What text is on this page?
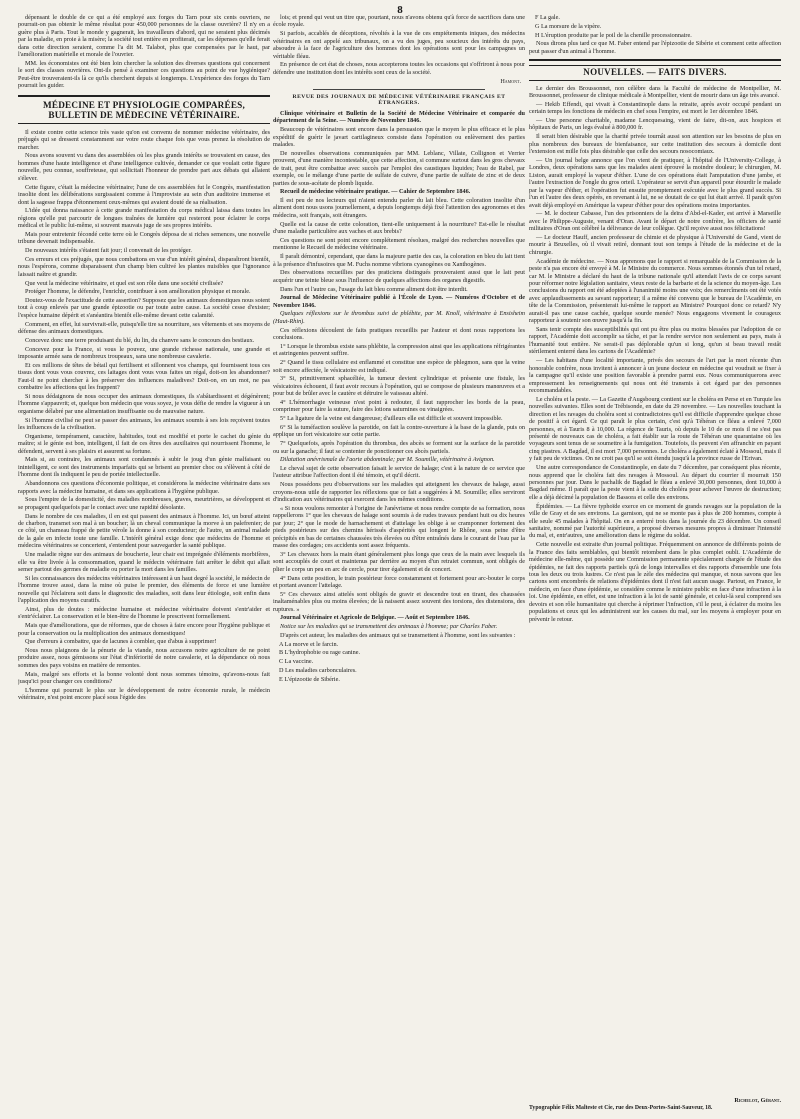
8

dépensant le double de ce qui a été employé aux forges du Tarn pour six cents ouvriers, ne pourrait-on pas obtenir le même résultat pour 450,000 personnes de la classe ouvrière? Il n'y en a guère plus à Paris. Tout le monde y gagnerait, les travailleurs d'abord, qui ne seraient plus décimés par la maladie, en proie à la misère; la société tout entière en profiterait, car les dépenses qu'elle ferait dans cette direction seraient, comme l'a dit M. Talabot, plus que compensées par le haut, par l'amélioration matérielle et morale de l'ouvrier.

MM. les économistes ont été bien loin chercher la solution des diverses questions qui concernent le sort des classes ouvrières. Ont-ils pensé à examiner ces questions au point de vue hygiénique? Peut-être trouveraient-ils là ce qu'ils cherchent depuis si longtemps. L'expérience des forges du Tarn pourrait les guider.

MÉDECINE ET PHYSIOLOGIE COMPARÉES, BULLETIN DE MÉDECINE VÉTÉRINAIRE.

Il existe contre cette science très vaste qu'on est convenu de nommer médecine vétérinaire, des préjugés qui se dressent constamment sur votre route chaque fois que vous prenez la résolution de marcher.

Nous avons souvent vu dans des assemblées où les plus grands intérêts se trouvaient en cause, des hommes d'une haute intelligence et d'une intelligence cultivée, demander ce que voulait cette figure nouvelle, peu connue, souffreteuse, qui sollicitait l'honneur de prendre part aux débats qui allaient s'élever.

Cette figure, c'était la médecine vétérinaire; l'une de ces assemblées fut le Congrès, manifestation insolite dont les délibérations surgissaient comme à l'improviste au sein d'un auditoire immense et dont la sagesse frappa d'étonnement ceux-mêmes qui avaient douté de sa réalisation.

L'idée qui donna naissance à cette grande manifestation du corps médical laissa dans toutes les régions qu'elle put parcourir de longues traînées de lumière qui resteront pour éclairer le corps médical et le public lui-même, si souvent mauvais juge de ses propres intérêts.

Mais pour entretenir fécondé cette terre où le Congrès déposa de si riches semences, une nouvelle tribune devenait indispensable.

De nouveaux intérêts s'étaient fait jour; il convenait de les protéger.

Ces erreurs et ces préjugés, que nous combattons en vue d'un intérêt général, disparaîtront bientôt, nous l'espérons, comme disparaissent d'un champ bien cultivé les plantes nuisibles que l'ignorance laissait naître et grandir.

Que veut la médecine vétérinaire, et quel est son rôle dans une société civilisée?

Protéger l'homme, le défendre, l'enrichir, contribuer à son amélioration physique et morale.

Doutez-vous de l'exactitude de cette assertion? Supposez que les animaux domestiques nous soient tout à coup enlevés par une grande épizootie ou par toute autre cause. La société cesse d'exister; l'espèce humaine dépérit et s'anéantira bientôt elle-même devant cette calamité.

Comment, en effet, lui survivrait-elle, puisqu'elle tire sa nourriture, ses vêtements et ses moyens de défense des animaux domestiques.

Concevez donc une terre produisant du blé, du lin, du chanvre sans le concours des bestiaux.

Concevez pour la France, si vous le pouvez, une grande richesse nationale, une grande et imposante armée sans de nombreux troupeaux, sans une nombreuse cavalerie.

Et ces millions de têtes de bétail qui fertilisent et sillonnent vos champs, qui fournissent tous ces tissus dont vous vous couvrez, ces laitages dont vous vous faites un régal, doit-on les abandonner? Faut-il ne point chercher à les préserver des influences maladives? Doit-on, en un mot, ne pas combattre les affections qui les frappent?

Si nous dédaignons de nous occuper des animaux domestiques, ils s'abâtardissent et dégénèrent; l'homme s'appauvrit; et, quelque bon médecin que vous soyez, je vous défie de rendre la vigueur à un organisme délabré par une alimentation insuffisante ou de mauvaise nature.

Si l'homme civilisé ne peut se passer des animaux, les animaux soumis à ses lois reçoivent toutes les influences de la civilisation.

Organisme, tempérament, caractère, habitudes, tout est modifié et porte le cachet du génie du maître; si le génie est bon, intelligent, il fait de ces êtres des auxiliaires qui nourrissent l'homme, le défendent, servent à ses plaisirs et assurent sa fortune.

Mais si, au contraire, les animaux sont condamnés à subir le joug d'un génie malfaisant ou inintelligent, ce sont des instruments imparfaits qui se brisent au premier choc ou s'élèvent à côté de l'homme dont ils indiquent le peu de portée intellectuelle.

Abandonnons ces questions d'économie politique, et considérons la médecine vétérinaire dans ses rapports avec la médecine humaine, et dans ses applications à l'hygiène publique.

Sous l'empire de la domesticité, des maladies nombreuses, graves, meurtrières, se développent et se propagent quelquefois par le contact avec une rapidité désolante.

Dans le nombre de ces maladies, il en est qui passent des animaux à l'homme. Ici, un bœuf atteint de charbon, transmet son mal à un boucher; là un cheval communique la morve à un palefrenier; de ce côté, un chameau frappé de petite vérole la donne à son conducteur; de l'autre, un animal malade de la gale en infecte toute une famille. L'intérêt général exige donc que médecins de l'homme et médecins vétérinaires se concertent, s'entendent pour sauvegarder la santé publique.

Une maladie règne sur des animaux de boucherie, leur chair est imprégnée d'éléments morbifères, elle va être livrée à la consommation, quand le médecin vétérinaire fait arrêter le débit qui allait semer partout des germes de maladie ou porter la mort dans les familles.

Si les connaissances des médecins vétérinaires intéressent à un haut degré la société, le médecin de l'homme trouve aussi, dans la mine où puise le premier, des éléments de force et une lumière nouvelle qui l'éclairera soit dans le diagnostic des maladies, soit dans leur étiologie, soit enfin dans l'application des moyens curatifs.

Ainsi, plus de doutes : médecine humaine et médecine vétérinaire doivent s'entr'aider et s'entr'éclairer. La conservation et le bien-être de l'homme le prescrivent formellement.

Mais que d'améliorations, que de réformes, que de choses à faire encore pour l'hygiène publique et pour la conservation ou la multiplication des animaux domestiques!

Que d'erreurs à combattre, que de lacunes à combler, que d'abus à supprimer!

Nous nous plaignons de la pénurie de la viande, nous accusons notre agriculture de ne point produire assez, nous gémissons sur l'état d'infériorité de notre cavalerie, et la dépendance où nous sommes des pays voisins en matière de remontes.

Mais, malgré ses efforts et la bonne volonté dont nous sommes témoins, qu'avons-nous fait jusqu'ici pour changer ces conditions?

L'homme qui pourrait le plus sur le développement de notre économie rurale, le médecin vétérinaire, n'est point encore placé sous l'égide des

lois; et prend qui veut un titre que, pourtant, nous n'avons obtenu qu'à force de sacrifices dans une école royale.

Si parfois, accablés de déceptions, révoltés à la vue de ces empiétements iniques, des médecins vétérinaires en ont appelé aux tribunaux, on a vu des juges, peu soucieux des intérêts du pays, absoudre à la face de l'agriculture des hommes dont les opérations sont pour les campagnes un véritable fléau.

En présence de cet état de choses, nous accepterons toutes les occasions qui s'offriront à nous pour défendre une institution dont les intérêts sont ceux de la société.

Hamont.
REVUE DES JOURNAUX DE MÉDECINE VÉTÉRINAIRE FRANÇAIS ET ÉTRANGERS.

Clinique vétérinaire et Bulletin de la Société de Médecine Vétérinaire et comparée du département de la Seine. — Numéro de Novembre 1846.

Beaucoup de vétérinaires sont encore dans la persuasion que le moyen le plus efficace et le plus expéditif de guérir le javart cartilagineux consiste dans l'opération ou enlèvement des parties malades.

De nouvelles observations communiquées par MM. Leblanc, Villate, Collignon et Verrier prouvent, d'une manière incontestable, que cette affection, si commune surtout dans les gros chevaux de trait, peut être combattue avec succès par l'emploi des caustiques liquides; l'eau de Rabel, par exemple, ou le mélange d'une partie de sulfate de cuivre, d'une partie de sulfate de zinc et de deux parties de sous-acétate de plomb liquide.

Recueil de médecine vétérinaire pratique. — Cahier de Septembre 1846.

Il est peu de nos lecteurs qui n'aient entendu parler du lait bleu. Cette coloration insolite d'un aliment dont nous usons journellement, a depuis longtemps déjà fixé l'attention des agronomes et des médecins, soit français, soit étrangers.

Quelle est la cause de cette coloration, tient-elle uniquement à la nourriture? Est-elle le résultat d'une maladie particulière aux vaches et aux brebis?

Ces questions ne sont point encore complétement résolues, malgré des recherches nouvelles que mentionne le Recueil de médecine vétérinaire.

Il paraît démontré, cependant, que dans la majeure partie des cas, la coloration en bleu du lait tient à la présence d'infusoires que M. Fuchs nomme vibrions cyanogènes ou Xanthogènes.

Des observations recueillies par des praticiens distingués prouveraient aussi que le lait peut acquérir une teinte bleue sous l'influence de quelques affections des organes digestifs.

Dans l'un et l'autre cas, l'usage du lait bleu comme aliment doit être interdit.

Journal de Médecine Vétérinaire publié à l'École de Lyon. — Numéros d'Octobre et de Novembre 1846.

Quelques réflexions sur le thrombus suivi de phlébite, par M. Knoll, vétérinaire à Ensisheim (Haut-Rhin).

Ces réflexions découlent de faits pratiques recueillis par l'auteur et dont nous rapportons les conclusions.

1° Lorsque le thrombus existe sans phlébite, la compression ainsi que les applications réfrigérantes et astringentes peuvent suffire.

2° Quand le tissu cellulaire est enflammé et constitue une espèce de phlegmon, sans que la veine soit encore affectée, le vésicatoire est indiqué.

3° Si, primitivement sphacéliée, la tumeur devient cylindrique et présente une fistule, les vésicatoires échouent, il faut avoir recours à l'opération, qui se compose de plusieurs manœuvres et a pour but de brûler avec le cautère et détruire le vaisseau altéré.

4° L'hémorrhagie veineuse n'est point à redouter, il faut rapprocher les bords de la peau, comprimer pour faire la suture, faire des lotions saturnines ou vinaigrées.

5° La ligature de la veine est dangereuse; d'ailleurs elle est difficile et souvent impossible.

6° Si la tuméfaction soulève la parotide, on fait la contre-ouverture à la base de la glande, puis on applique un fort vésicatoire sur cette partie.

7° Quelquefois, après l'opération du thrombus, des abcès se forment sur la surface de la parotide ou sur la ganache; il faut se contenter de ponctionner ces abcès partiels.

Dilatation anévrismale de l'aorte abdominale; par M. Soumille, vétérinaire à Avignon.

Le cheval sujet de cette observation faisait le service de halage; c'est à la nature de ce service que l'auteur attribue l'affection dont il été témoin, et qu'il décrit.

Nous possédons peu d'observations sur les maladies qui atteignent les chevaux de halage, aussi croyons-nous utile de rapporter les réflexions que ce fait a suggérées à M. Soumille; elles serviront d'indication aux vétérinaires qui exercent dans les mêmes conditions.

« Si nous voulons remonter à l'origine de l'anévrisme et nous rendre compte de sa formation, nous rappellerons 1° que les chevaux de halage sont soumis à de rudes travaux pendant huit ou dix heures par jour; 2° que le mode de harnachement et d'attelage les oblige à se cramponner fortement des pieds postérieurs sur des chemins hérissés d'aspérités qui longent le Rhône, sous peine d'être précipités en bas de certaines chaussées très élevées ou d'être entraînés dans le courant de l'eau par la masse des cordages; ces accidents sont assez fréquents.

3° Les chevaux hors la main étant généralement plus longs que ceux de la main avec lesquels ils sont accouplés de court et maintenus par derrière au moyen d'un retraiet commun, sont obligés de plier le corps un peu en arc de cercle, pour tirer également et de concert.

4° Dans cette position, le train postérieur force constamment et fortement pour arc-bouter le corps et portant avancer l'attelage.

5° Ces chevaux ainsi attelés sont obligés de gravir et descendre tout en tirant, des chaussées inaltaménables plus ou moins élevées; de là naissent assez souvent des torsions, des distensions, des ruptures. »

Journal Vétérinaire et Agricole de Belgique. — Août et Septembre 1846.

Notice sur les maladies qui se transmettent des animaux à l'homme; par Charles Faber.

D'après cet auteur, les maladies des animaux qui se transmettent à l'homme, sont les suivantes :

A La morve et le farcin.

B L'hydrophobie ou rage canine.

C La vaccine.

D Les maladies carbonculaires.

E L'épizootie de Sibérie.

F La gale.

G La morsure de la vipère.

H L'éruption produite par le poil de la chenille processionnaire.

Nous dirons plus tard ce que M. Faber entend par l'épizootie de Sibérie et comment cette affection peut passer d'un animal à l'homme.

NOUVELLES. — FAITS DIVERS.

Le dernier des Broussonnet, non célèbre dans la Faculté de médecine de Montpellier, M. Broussonnet, professeur de clinique médicale à Montpellier, vient de mourir dans un âge très avancé.

— Hekib Effendi, qui vivait à Constantinople dans la retraite, après avoir occupé pendant un certain temps les fonctions de médecin en chef sous l'empire, est mort le 1er décembre 1846.

— Une personne charitable, madame Lencquesaing, vient de faire, dit-on, aux hospices et hôpitaux de Paris, un legs évalué à 800,000 fr.

Il serait bien désirable que la charité privée tournât aussi son attention sur les besoins de plus en plus nombreux des bureaux de bienfaisance, sur cette institution des secours à domicile dont l'extension est mille fois plus désirable que celle des secours nosocomiaux.

— Un journal belge annonce que l'on vient de pratiquer, à l'hôpital de l'University-College, à Londres, deux opérations sans que les malades aient éprouvé la moindre douleur; le chirurgien, M. Liston, aurait employé la vapeur d'éther. L'une de ces opérations était l'amputation d'une jambe, et l'autre l'extraction de l'ongle du gros orteil. L'opérateur se servit d'un appareil pour étourdir le malade par la vapeur d'éther, et l'opération fut ensuite promptement exécutée avec le plus grand succès. Si l'un et l'autre des deux opérés, en revenant à lui, ne se doutait de ce qui lui était arrivé. Il paraît qu'on avait déjà employé en Amérique la vapeur d'éther pour des opérations moins importantes.

— M. le docteur Cabasse, l'un des prisonniers de la deïra d'Abd-el-Kader, est arrivé à Marseille avec le Philippe-Auguste, venant d'Oran. Avant le départ de notre confrère, les officiers de santé militaires d'Oran ont célébré la délivrance de leur collègue. Qu'il reçoive aussi nos félicitations!

— Le docteur Hauff, ancien professeur de chimie et de physique à l'Université de Gand, vient de mourir à Bruxelles, où il vivait retiré, donnant tout son temps à l'étude de la médecine et de la chirurgie.

Académie de médecine. — Nous apprenons que le rapport si remarquable de la Commission de la peste n'a pas encore été envoyé à M. le Ministre du commerce. Nous sommes étonnés d'un tel retard, car M. le Ministre a déclaré du haut de la tribune nationale qu'il attendait l'avis de ce corps savant pour réformer notre législation sanitaire, vieux reste de la barbarie et de la science du moyen-âge. Les conclusions du rapport ont été adoptées à l'unanimité moins une voix; des remercîments ont été votés avec applaudissements au savant rapporteur; il a même été convenu que le bureau de l'Académie, en tête de la Commission, présenterait lui-même le rapport au Ministre? Pourquoi donc ce retard? N'y aurait-il pas une cause cachée, quelque sourde menée? Nous engageons vivement le courageux rapporteur à soutenir son œuvre jusqu'à la fin.

Sans tenir compte des susceptibilités qui ont pu être plus ou moins blessées par l'adoption de ce rapport, l'Académie doit accomplir sa tâche, et par la rendre service non seulement au pays, mais à l'humanité tout entière. Ne serait-il pas déplorable qu'un si long, qu'un si beau travail restât stérilement enterré dans les cartons de l'Académie?

— Les habitans d'une localité importante, privés des secours de l'art par la mort récente d'un honorable confrère, nous invitent à annoncer à un jeune docteur en médecine qui voudrait se fixer à la campagne qu'il existe une position favorable à prendre parmi eux. Nous communiquerons avec empressement les renseignements qui nous ont été transmis à cet égard par des personnes recommandables.

Le choléra et la peste. — La Gazette d'Augsbourg contient sur le choléra en Perse et en Turquie les nouvelles suivantes. Elles sont de Trébisonde, en date du 29 novembre. — Les nouvelles touchant la direction et les ravages du choléra sont si contradictoires qu'il est difficile d'apprendre quelque chose de positif à cet égard. Ce qui paraît le plus certain, c'est qu'à Téhéran ce fléau a enlevé 7,000 personnes, et à Tauris 8 à 10,000. La régence de Tauris, où depuis le 10 de ce mois il ne s'est pas présenté de nouveaux cas de choléra, a fait établir sur la route de Téhéran une quarantaine où les voyageurs sont tenus de se soumettre à la fumigation. Toutefois, ils peuvent s'en affranchir en payant cinq piastres. A Bagdad, il est mort 7,000 personnes. Le choléra a également éclaté à Mossoul, mais il y fait peu de victimes. On ne croit pas qu'il se soit étendu jusqu'à la province russe de l'Erivan.

Une autre correspondance de Constantinople, en date du 7 décembre, par conséquent plus récente, nous apprend que le choléra fait des ravages à Mossoul. Au départ du courrier il mourrait 150 personnes par jour. Dans le pachalik de Bagdad le fléau a enlevé 30,000 personnes, dont 10,000 à Bagdad même. Il paraît que la peste vient à la suite du choléra pour achever l'œuvre de destruction; elle a déjà décimé la population de Bassora et celle des environs.

Épidémies. — La fièvre typhoïde exerce en ce moment de grands ravages sur la population de la ville de Gray et de ses environs. La garnison, qui ne se monte pas à plus de 200 hommes, compte à elle seule 45 malades à l'hôpital. On en a enterré trois dans la journée du 23 décembre. Un conseil sanitaire, nommé par l'autorité supérieure, a proposé diverses mesures propres à diminuer l'intensité du mal, et, entr'autres, une amélioration dans le régime du soldat.

Cette nouvelle est extraite d'un journal politique. Fréquemment on annonce de différents points de la France des faits semblables, qui bientôt retombent dans le plus complet oubli. L'Académie de médecine elle-même, qui possède une Commission permanente spécialement chargée de l'étude des épidémies, ne fait des rapports partiels qu'à de longs intervalles et des rapports d'ensemble une fois tous les deux ou trois lustres. Ce n'est pas le zèle des médecins qui manque, et nous savons que les cartons sont encombrés de relations d'épidémies dont il n'est fait aucun usage. Partout, en France, le médecin, en face d'une épidémie, se considère comme le ministre public en face d'une infraction à la loi. Une épidémie, en effet, est une infraction à la loi de santé générale, et celui-là seul comprend ses devoirs et son rôle humanitaire qui cherche à réprimer l'infraction, s'il le peut, à éclairer du moins les populations et ceux qui les administrent sur les causes du mal, sur les moyens à employer pour en prévenir le retour.

Richelot, Gérant.
Typographie Félix Malteste et Cie, rue des Deux-Portes-Saint-Sauveur, 18.
